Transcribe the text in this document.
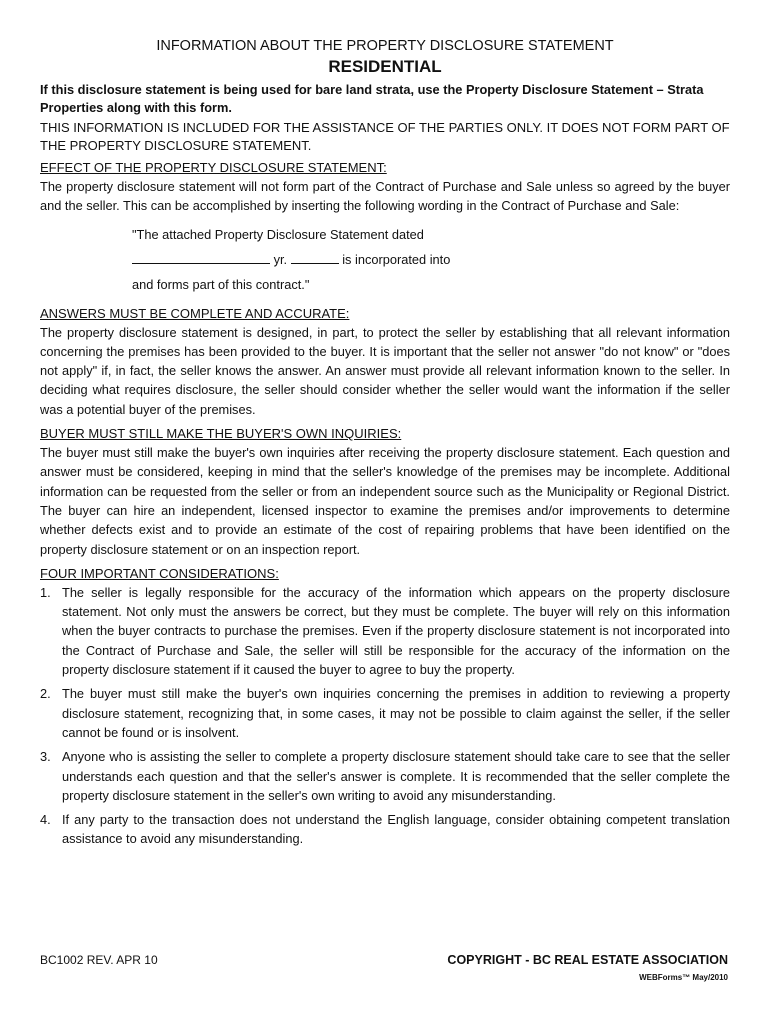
INFORMATION ABOUT THE PROPERTY DISCLOSURE STATEMENT

RESIDENTIAL

If this disclosure statement is being used for bare land strata, use the Property Disclosure Statement – Strata Properties along with this form.

THIS INFORMATION IS INCLUDED FOR THE ASSISTANCE OF THE PARTIES ONLY. IT DOES NOT FORM PART OF THE PROPERTY DISCLOSURE STATEMENT.

EFFECT OF THE PROPERTY DISCLOSURE STATEMENT:

The property disclosure statement will not form part of the Contract of Purchase and Sale unless so agreed by the buyer and the seller. This can be accomplished by inserting the following wording in the Contract of Purchase and Sale:

"The attached Property Disclosure Statement dated
yr.	is incorporated into
and forms part of this contract."

ANSWERS MUST BE COMPLETE AND ACCURATE:

The property disclosure statement is designed, in part, to protect the seller by establishing that all relevant information concerning the premises has been provided to the buyer. It is important that the seller not answer "do not know" or "does not apply" if, in fact, the seller knows the answer. An answer must provide all relevant information known to the seller. In deciding what requires disclosure, the seller should consider whether the seller would want the information if the seller was a potential buyer of the premises.

BUYER MUST STILL MAKE THE BUYER'S OWN INQUIRIES:

The buyer must still make the buyer's own inquiries after receiving the property disclosure statement. Each question and answer must be considered, keeping in mind that the seller's knowledge of the premises may be incomplete. Additional information can be requested from the seller or from an independent source such as the Municipality or Regional District. The buyer can hire an independent, licensed inspector to examine the premises and/or improvements to determine whether defects exist and to provide an estimate of the cost of repairing problems that have been identified on the property disclosure statement or on an inspection report.

FOUR IMPORTANT CONSIDERATIONS:

1. The seller is legally responsible for the accuracy of the information which appears on the property disclosure statement. Not only must the answers be correct, but they must be complete. The buyer will rely on this information when the buyer contracts to purchase the premises. Even if the property disclosure statement is not incorporated into the Contract of Purchase and Sale, the seller will still be responsible for the accuracy of the information on the property disclosure statement if it caused the buyer to agree to buy the property.
2. The buyer must still make the buyer's own inquiries concerning the premises in addition to reviewing a property disclosure statement, recognizing that, in some cases, it may not be possible to claim against the seller, if the seller cannot be found or is insolvent.
3. Anyone who is assisting the seller to complete a property disclosure statement should take care to see that the seller understands each question and that the seller's answer is complete. It is recommended that the seller complete the property disclosure statement in the seller's own writing to avoid any misunderstanding.
4. If any party to the transaction does not understand the English language, consider obtaining competent translation assistance to avoid any misunderstanding.
BC1002 REV. APR 10	COPYRIGHT - BC REAL ESTATE ASSOCIATION
WEBForms™ May/2010
